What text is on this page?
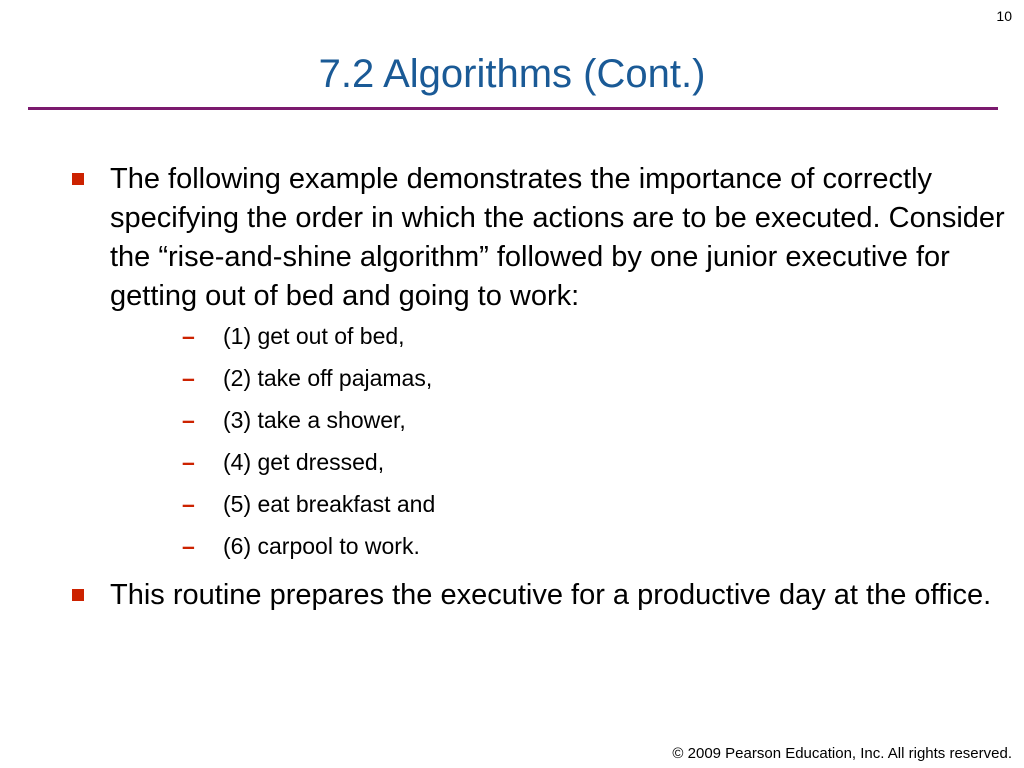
10
7.2 Algorithms (Cont.)
The following example demonstrates the importance of correctly specifying the order in which the actions are to be executed. Consider the “rise-and-shine algorithm” followed by one junior executive for getting out of bed and going to work:
– (1) get out of bed,
– (2) take off pajamas,
– (3) take a shower,
– (4) get dressed,
– (5) eat breakfast and
– (6) carpool to work.
This routine prepares the executive for a productive day at the office.
© 2009 Pearson Education, Inc. All rights reserved.
